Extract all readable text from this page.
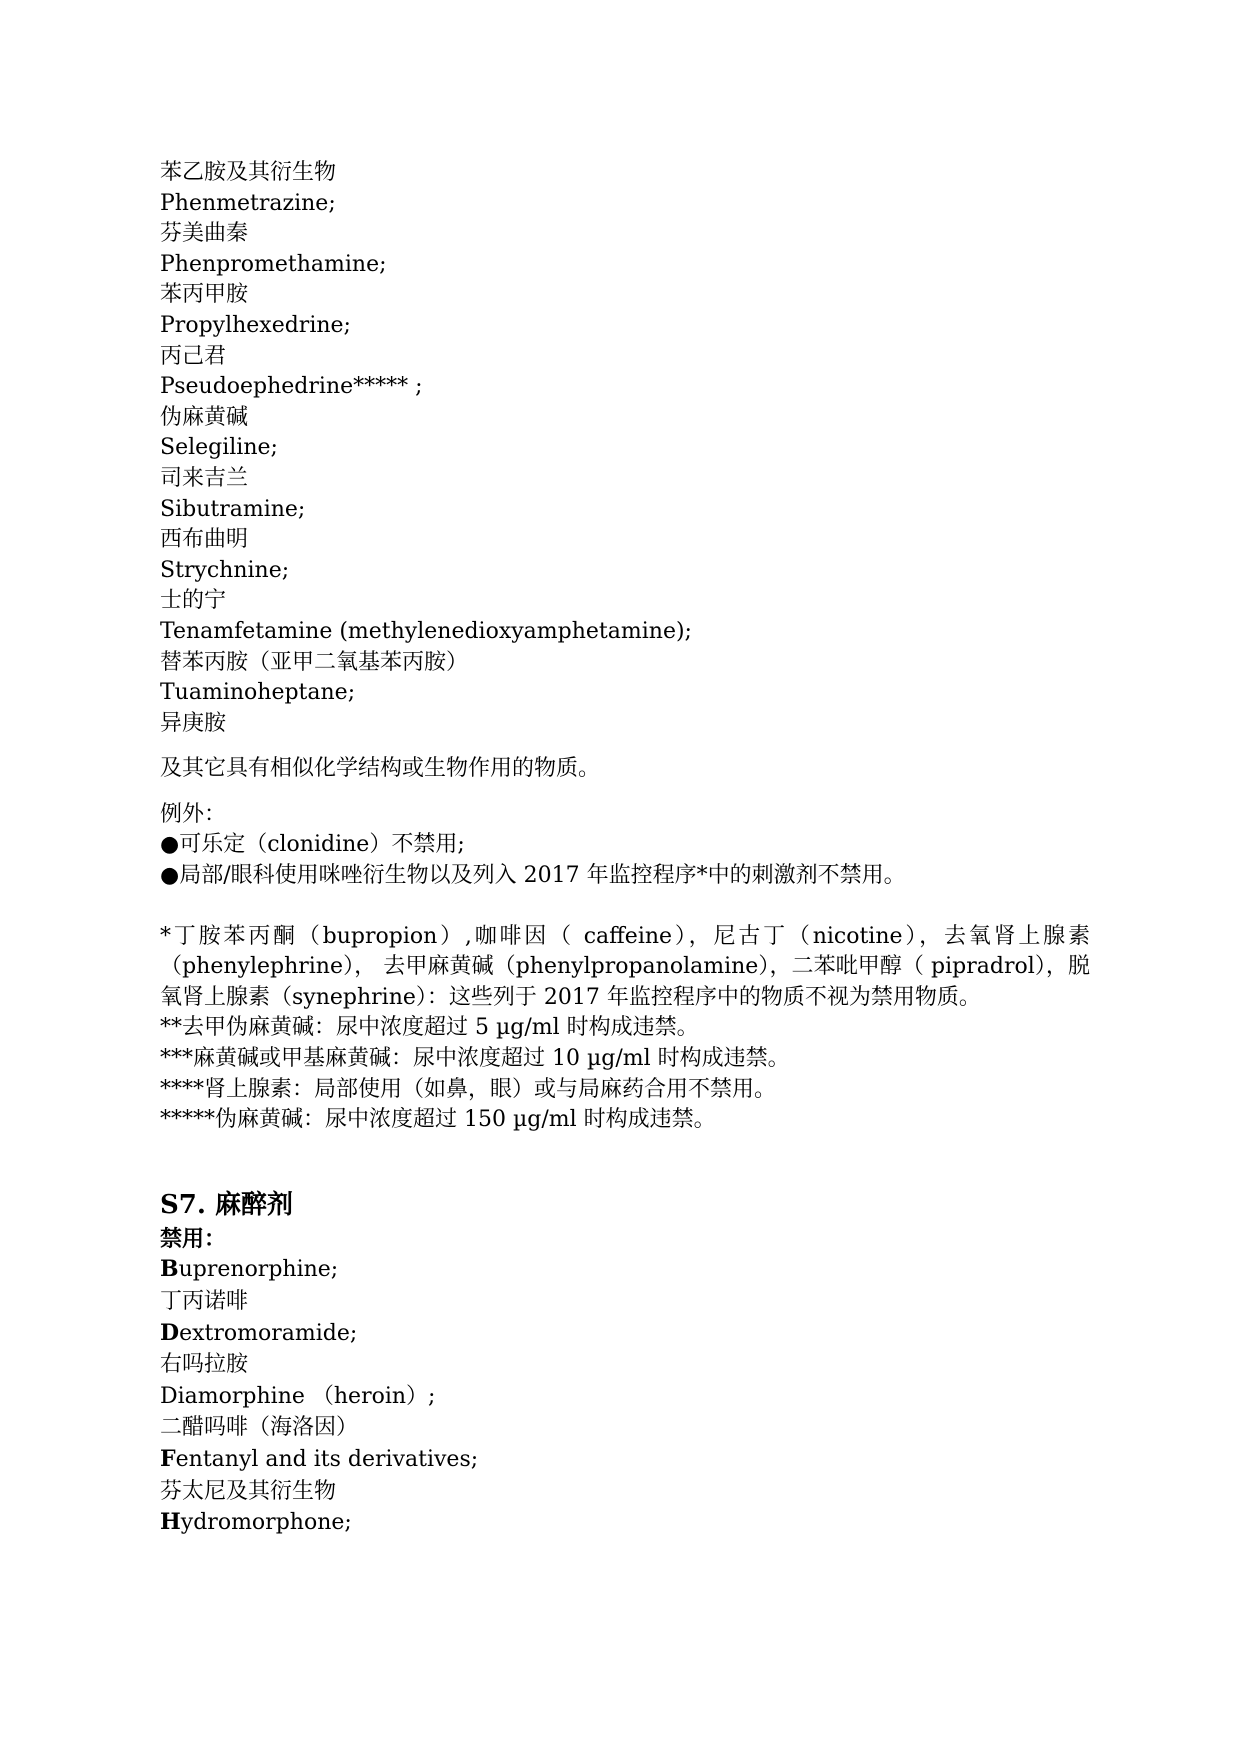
苯乙胺及其衍生物
Phenmetrazine;
芬美曲秦
Phenpromethamine;
苯丙甲胺
Propylhexedrine;
丙己君
Pseudoephedrine***** ;
伪麻黄碱
Selegiline;
司来吉兰
Sibutramine;
西布曲明
Strychnine;
士的宁
Tenamfetamine (methylenedioxyamphetamine);
替苯丙胺（亚甲二氧基苯丙胺）
Tuaminoheptane;
异庚胺
及其它具有相似化学结构或生物作用的物质。
例外：
●可乐定（clonidine）不禁用;
●局部/眼科使用咪唑衍生物以及列入 2017 年监控程序*中的刺激剂不禁用。
*丁胺苯丙酮（bupropion）,咖啡因（ caffeine），尼古丁（nicotine），去氧肾上腺素（phenylephrine）， 去甲麻黄碱（phenylpropanolamine），二苯吡甲醇（ pipradrol），脱氧肾上腺素（synephrine）：这些列于 2017 年监控程序中的物质不视为禁用物质。
**去甲伪麻黄碱：尿中浓度超过 5 µg/ml 时构成违禁。
***麻黄碱或甲基麻黄碱：尿中浓度超过 10 µg/ml 时构成违禁。
****肾上腺素：局部使用（如鼻，眼）或与局麻药合用不禁用。
*****伪麻黄碱：尿中浓度超过 150 µg/ml 时构成违禁。
S7. 麻醉剂
禁用：
Buprenorphine;
丁丙诺啡
Dextromoramide;
右吗拉胺
Diamorphine （heroin）;
二醋吗啡（海洛因）
Fentanyl and its derivatives;
芬太尼及其衍生物
Hydromorphone;
